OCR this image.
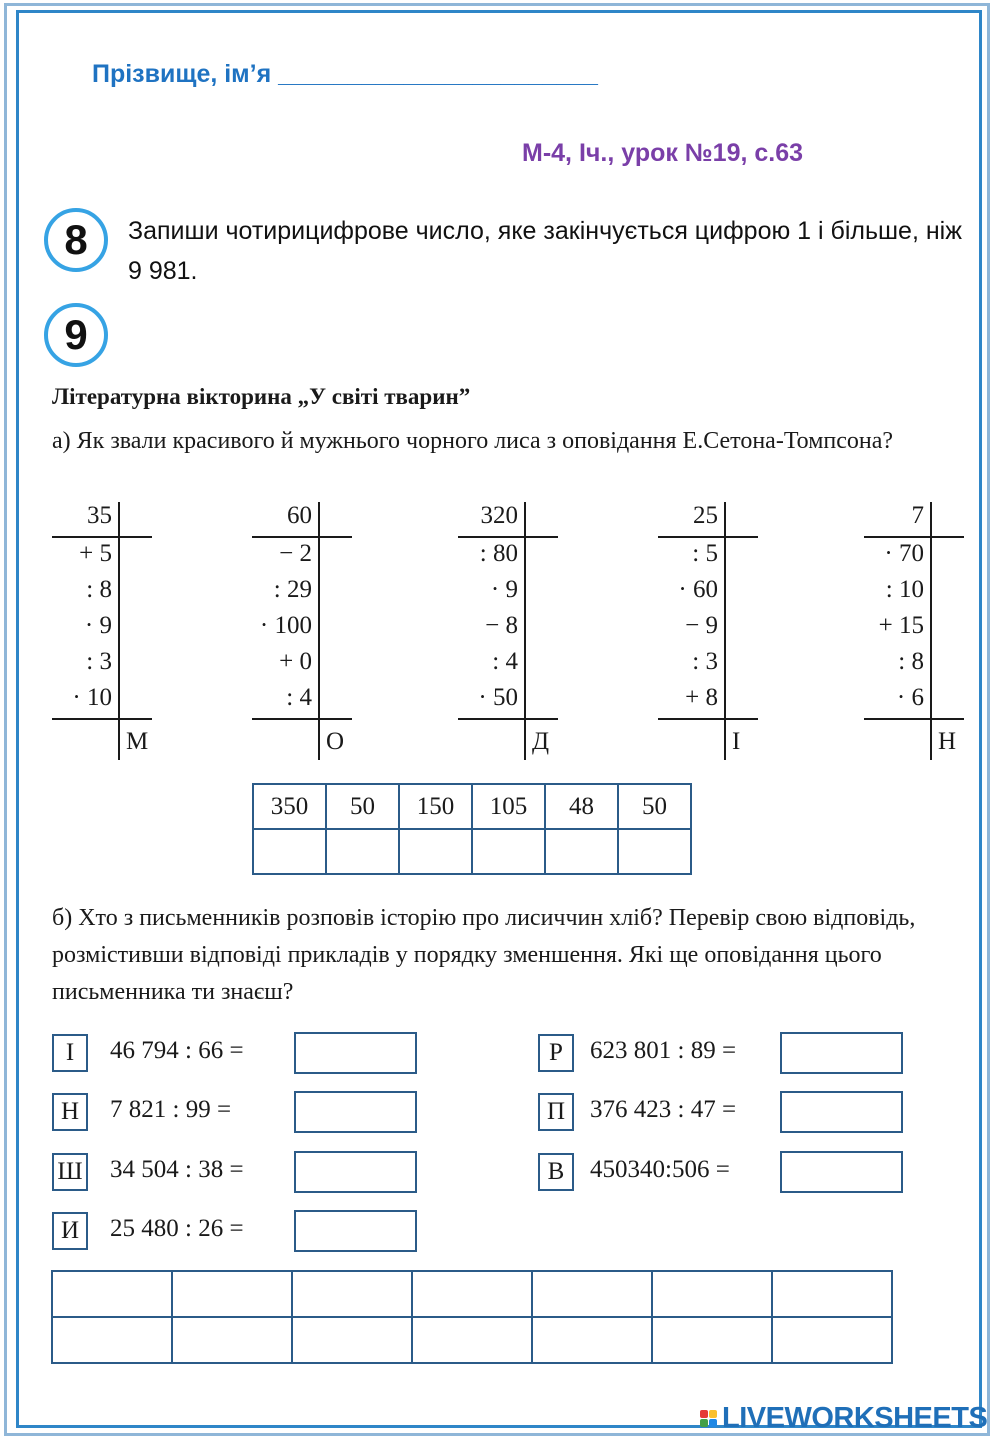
Прізвище, ім’я _______________________
М-4, Іч., урок №19, с.63
8	Запиши чотирицифрове число, яке закінчується цифрою 1 і більше, ніж 9 981.
9
Літературна вікторина „У світі тварин”
а) Як звали красивого й мужнього чорного лиса з оповідання Е.Сетона-Томпсона?
35
+ 5
: 8
· 9
: 3
· 10
М
60
− 2
: 29
· 100
+ 0
: 4
О
320
: 80
· 9
− 8
: 4
· 50
Д
25
: 5
· 60
− 9
: 3
+ 8
І
7
· 70
: 10
+ 15
: 8
· 6
Н
350	50	150	105	48	50

б) Хто з письменників розповів історію про лисиччин хліб? Перевір свою відповідь, розмістивши відповіді прикладів у порядку зменшення. Які ще оповідання цього письменника ти знаєш?
І	46 794 : 66 =
Н	7 821 : 99 =
Ш 34 504 : 38 =
И	25 480 : 26 =
Р	623 801 : 89 =
П 376 423 : 47 =
В	450340:506 =

LIVEWORKSHEETS
